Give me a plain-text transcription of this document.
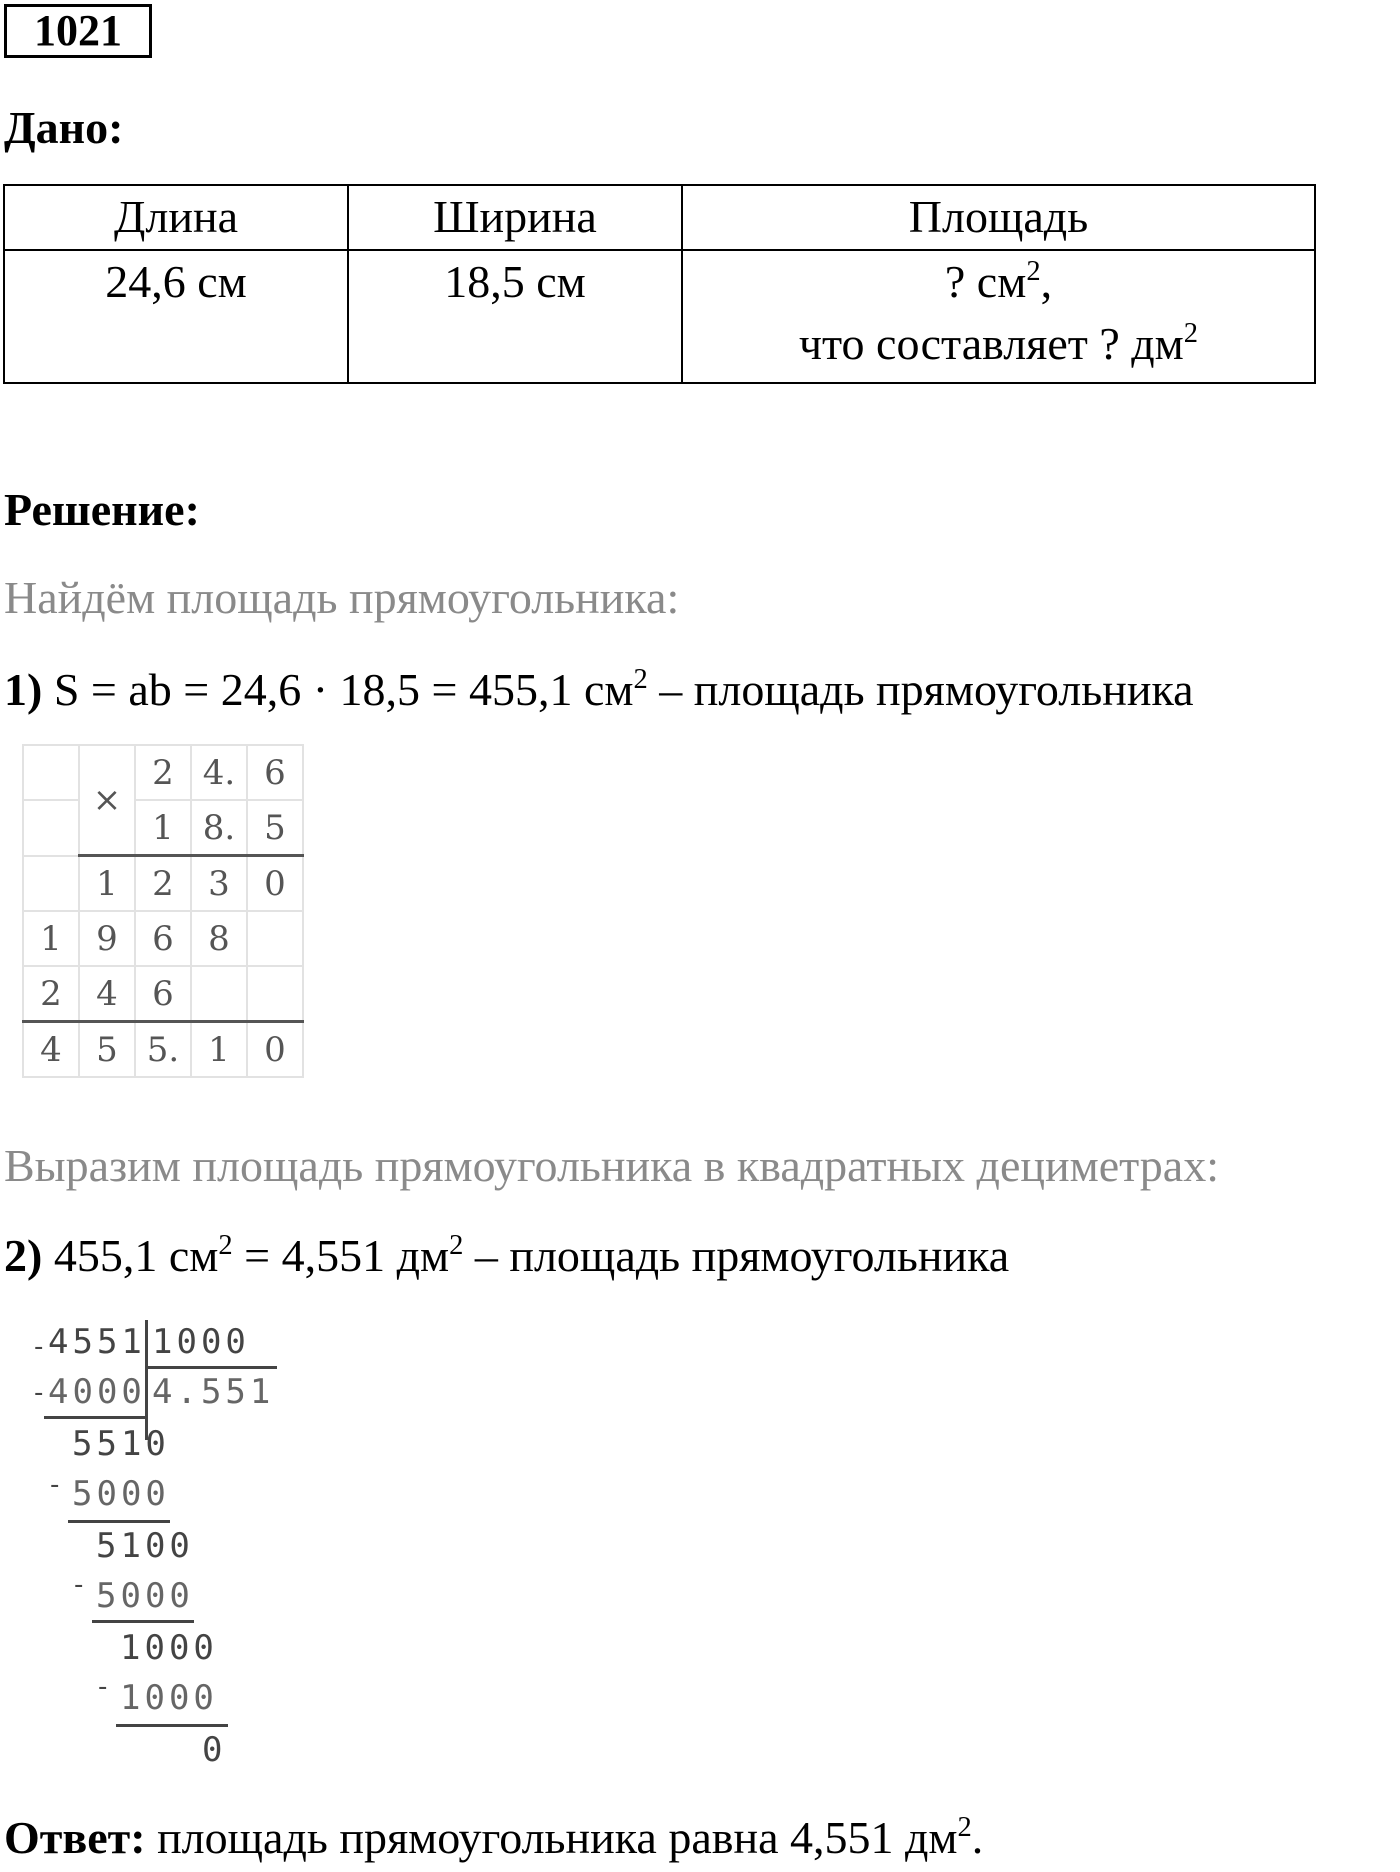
1021
Дано:
Длина	Ширина	Площадь
24,6 см	18,5 см	? $см^2$,
что составляет ? $дм^2$
Решение:
Найдём площадь прямоугольника:
1) S = ab = 24,6 · 18,5 = 455,1 $см^2$ – площадь прямоугольника
	×	2	4.	6
		1	8.	5
	1	2	3	0
1	9	6	8	
2	4	6		
4	5	5.	1	0
Выразим площадь прямоугольника в квадратных дециметрах:
2) 455,1 $см^2 = 4,551$ $дм^2$ – площадь прямоугольника
- 4551 1000
4.551
- 4000
5510
- 5000
5100
- 5000
1000
- 1000
0
Ответ: площадь прямоугольника равна 4,551 $дм^2$.
